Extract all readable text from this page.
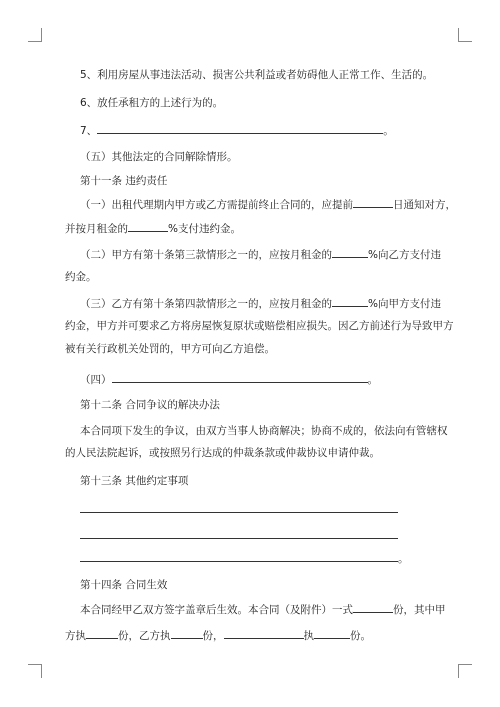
5、利用房屋从事违法活动、损害公共利益或者妨碍他人正常工作、生活的。
6、放任承租方的上述行为的。
7、	。
（五）其他法定的合同解除情形。
第十一条 违约责任
（一）出租代理期内甲方或乙方需提前终止合同的，应提前	日通知对方，
并按月租金的	%支付违约金。
（二）甲方有第十条第三款情形之一的，应按月租金的	%向乙方支付违
约金。
（三）乙方有第十条第四款情形之一的，应按月租金的	%向甲方支付违
约金，甲方并可要求乙方将房屋恢复原状或赔偿相应损失。因乙方前述行为导致甲方
被有关行政机关处罚的，甲方可向乙方追偿。
（四）	。
第十二条 合同争议的解决办法
本合同项下发生的争议，由双方当事人协商解决；协商不成的，依法向有管辖权
的人民法院起诉，或按照另行达成的仲裁条款或仲裁协议申请仲裁。
第十三条 其他约定事项
。
第十四条 合同生效
本合同经甲乙双方签字盖章后生效。本合同（及附件）一式	份，其中甲
方执	份，乙方执	份，	执	份。
